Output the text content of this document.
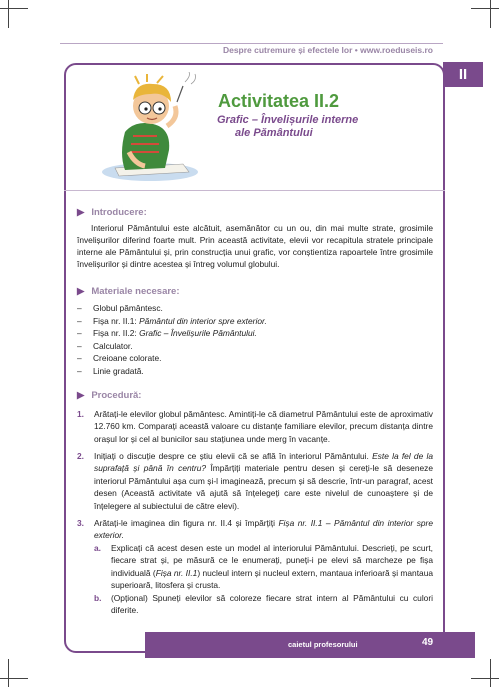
Despre cutremure și efectele lor • www.roeduseis.ro
II
Activitatea II.2
Grafic – Învelișurile interne
ale Pământului
▶ Introducere:
Interiorul Pământului este alcătuit, asemănător cu un ou, din mai multe strate, grosimile învelișurilor diferind foarte mult. Prin această activitate, elevii vor recapitula stratele principale interne ale Pământului și, prin construcția unui grafic, vor conștientiza rapoartele între grosimile învelișurilor și dintre acestea și întreg volumul globului.
▶ Materiale necesare:
– Globul pământesc.
– Fișa nr. II.1: Pământul din interior spre exterior.
– Fișa nr. II.2: Grafic – Învelișurile Pământului.
– Calculator.
– Creioane colorate.
– Linie gradată.
▶ Procedură:
1. Arătați-le elevilor globul pământesc. Amintiți-le că diametrul Pământului este de aproximativ 12.760 km. Comparați această valoare cu distanțe familiare elevilor, precum distanța dintre orașul lor și cel al bunicilor sau stațiunea unde merg în vacanțe.
2. Inițiați o discuție despre ce știu elevii că se află în interiorul Pământului. Este la fel de la suprafață și până în centru? Împărțiți materiale pentru desen și cereți-le să deseneze interiorul Pământului așa cum și-l imaginează, precum și să descrie, într-un paragraf, acest desen (Această activitate vă ajută să înțelegeți care este nivelul de cunoaștere și de înțelegere al subiectului de către elevi).
3. Arătați-le imaginea din figura nr. II.4 și împărțiți Fișa nr. II.1 – Pământul din interior spre exterior.
a. Explicați că acest desen este un model al interiorului Pământului. Descrieți, pe scurt, fiecare strat și, pe măsură ce le enumerați, puneți-i pe elevi să marcheze pe fișa individuală (Fișa nr. II.1) nucleul intern și nucleul extern, mantaua inferioară și mantaua superioară, litosfera și crusta.
b. (Opțional) Spuneți elevilor să coloreze fiecare strat intern al Pământului cu culori diferite.
caietul profesorului	49
